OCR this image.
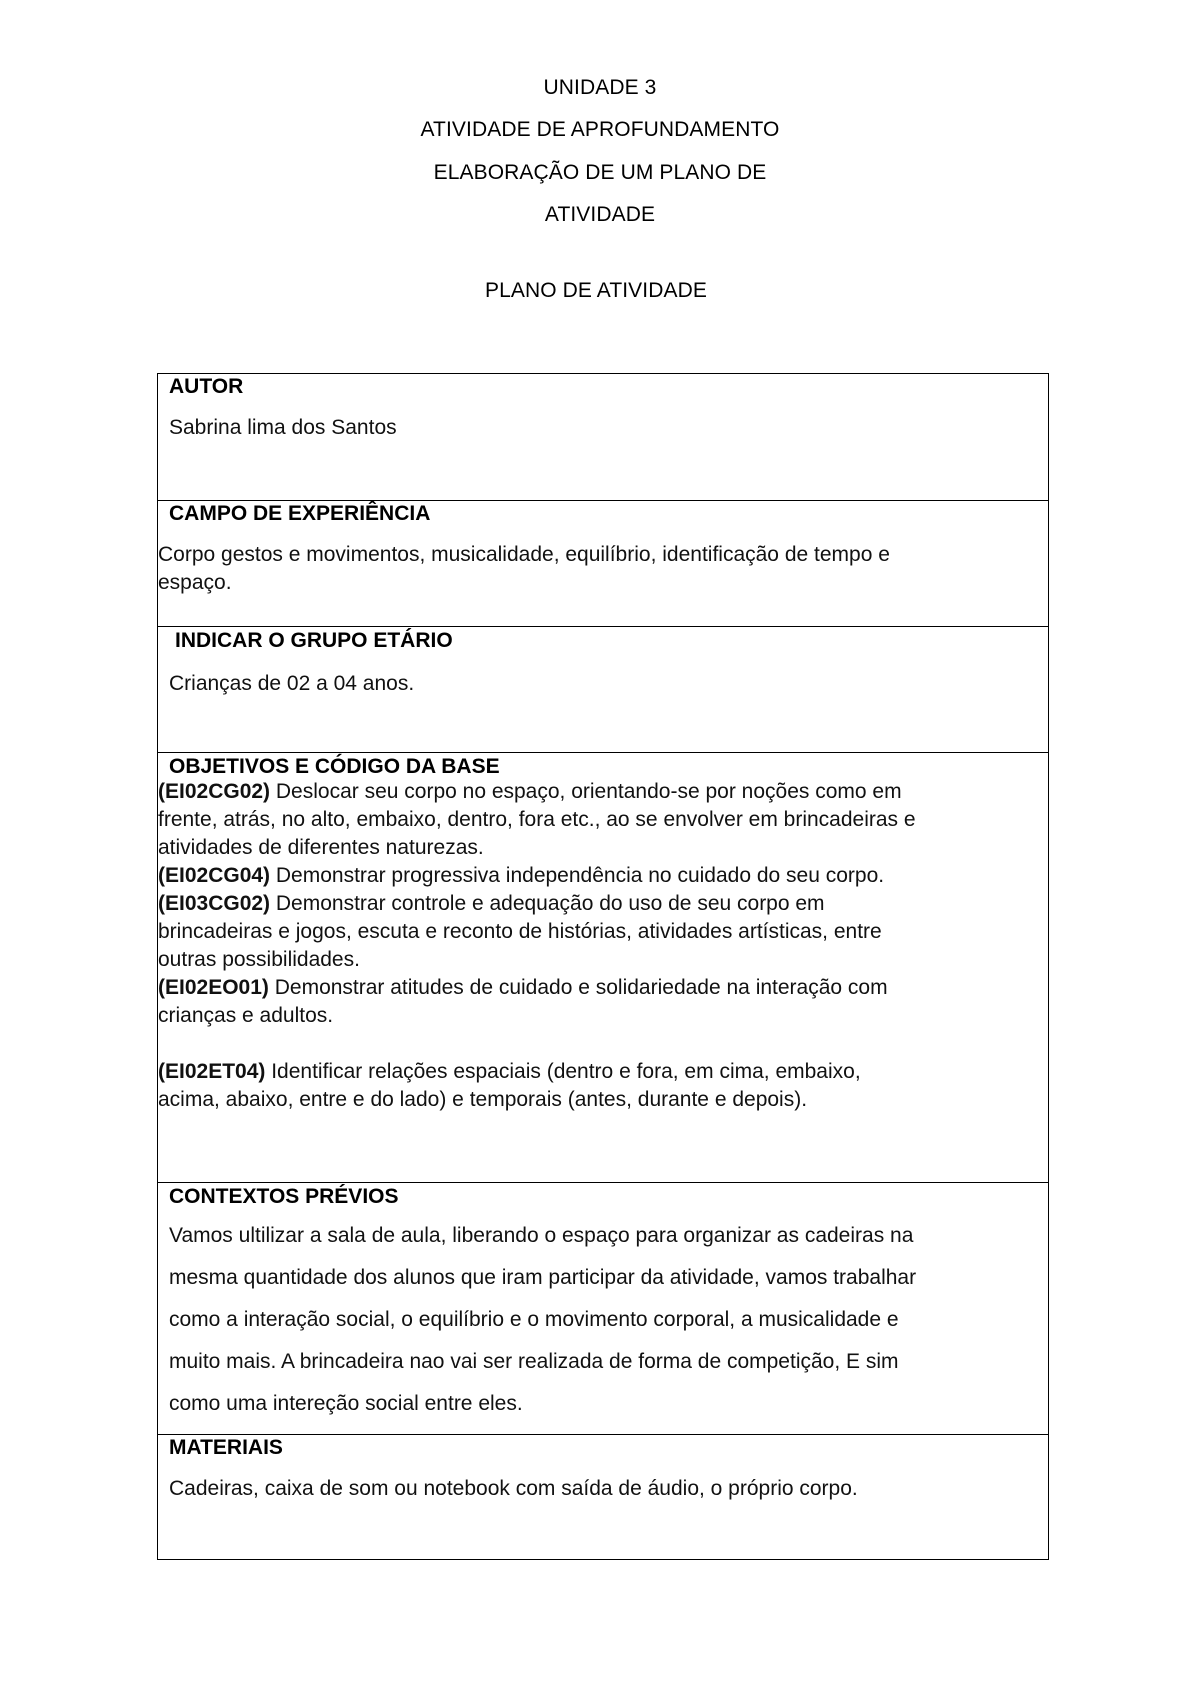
UNIDADE 3
ATIVIDADE DE APROFUNDAMENTO
ELABORAÇÃO DE UM PLANO DE
ATIVIDADE
PLANO DE ATIVIDADE
AUTOR
Sabrina lima dos Santos
CAMPO DE EXPERIÊNCIA
Corpo gestos e movimentos, musicalidade, equilíbrio, identificação de tempo e
espaço.
INDICAR O GRUPO ETÁRIO
Crianças de 02 a 04 anos.
OBJETIVOS E CÓDIGO DA BASE
(EI02CG02) Deslocar seu corpo no espaço, orientando-se por noções como em
frente, atrás, no alto, embaixo, dentro, fora etc., ao se envolver em brincadeiras e
atividades de diferentes naturezas.
(EI02CG04) Demonstrar progressiva independência no cuidado do seu corpo.
(EI03CG02) Demonstrar controle e adequação do uso de seu corpo em
brincadeiras e jogos, escuta e reconto de histórias, atividades artísticas, entre
outras possibilidades.
(EI02EO01) Demonstrar atitudes de cuidado e solidariedade na interação com
crianças e adultos.
(EI02ET04) Identificar relações espaciais (dentro e fora, em cima, embaixo,
acima, abaixo, entre e do lado) e temporais (antes, durante e depois).
CONTEXTOS PRÉVIOS
Vamos ultilizar a sala de aula, liberando o espaço para organizar as cadeiras na
mesma quantidade dos alunos que iram participar da atividade, vamos trabalhar
como a interação social, o equilíbrio e o movimento corporal, a musicalidade e
muito mais. A brincadeira nao vai ser realizada de forma de competição, E sim
como uma intereção social entre eles.
MATERIAIS
Cadeiras, caixa de som ou notebook com saída de áudio, o próprio corpo.
